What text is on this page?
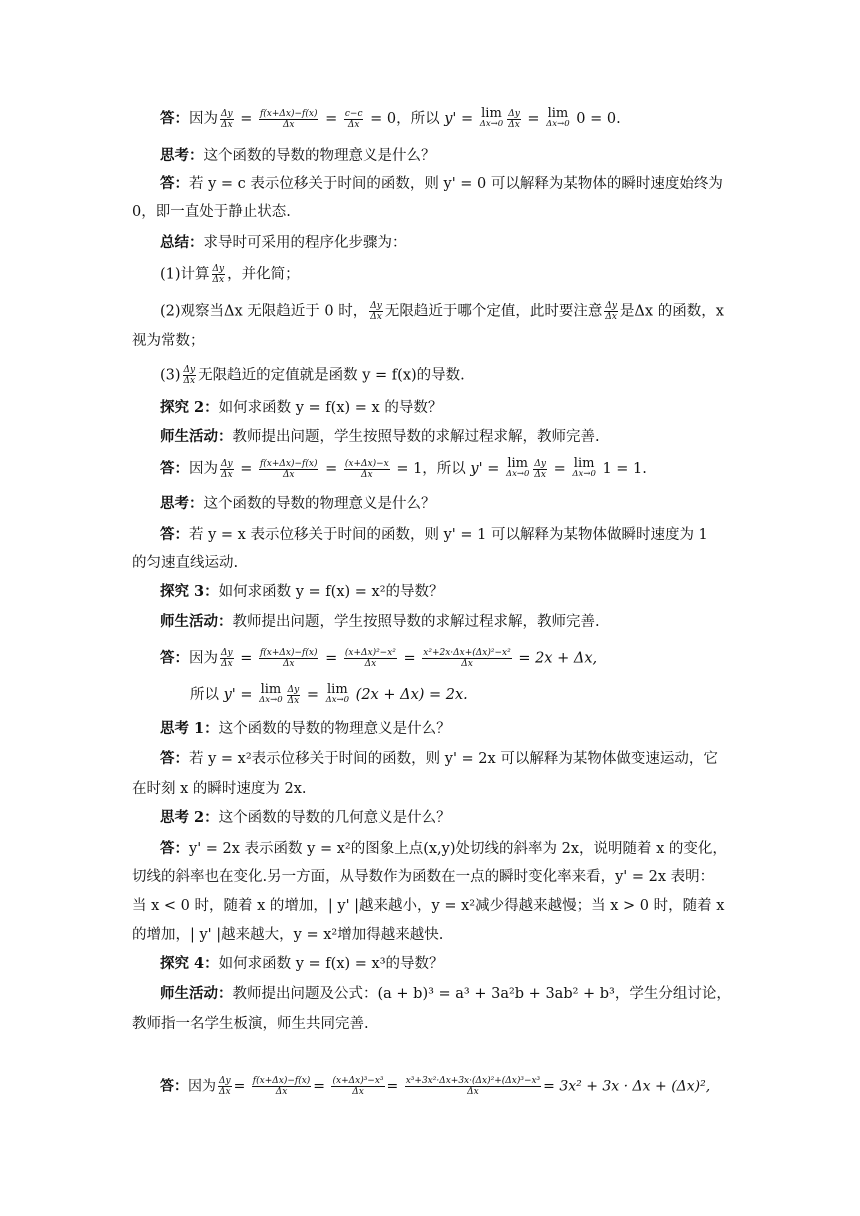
答：因为 $\frac{\Delta y}{\Delta x} = \frac{f(x+\Delta x)-f(x)}{\Delta x} = \frac{c-c}{\Delta x} = 0$，所以 y' = lim
$\Delta x\to 0 \frac{\Delta y}{\Delta x} = \lim$
Δx→0 0 = 0.
思考：这个函数的导数的物理意义是什么？
答：若 y = c 表示位移关于时间的函数，则 y' = 0 可以解释为某物体的瞬时速度始终为
0，即一直处于静止状态.
总结：求导时可采用的程序化步骤为：
(1)计算 $\frac{\Delta y}{\Delta x}$ ，并化简；
(2)观察当Δx 无限趋近于 0 时， $\frac{\Delta y}{\Delta x}$ 无限趋近于哪个定值，此时要注意 $\frac{\Delta y}{\Delta x}$ 是Δx 的函数，x
视为常数；
$(3) \frac{\Delta y}{\Delta x}$ 无限趋近的定值就是函数 y = f(x)的导数.
探究 2：如何求函数 y = f(x) = x 的导数？
师生活动：教师提出问题，学生按照导数的求解过程求解，教师完善.
答：因为 $\frac{\Delta y}{\Delta x} = \frac{f(x+\Delta x)-f(x)}{\Delta x} = \frac{(x+\Delta x)-x}{\Delta x} = 1$，所以 y' = lim
$\Delta x\to 0 \frac{\Delta y}{\Delta x} = \lim$
Δx→0 1 = 1.
思考：这个函数的导数的物理意义是什么？
答：若 y = x 表示位移关于时间的函数，则 y' = 1 可以解释为某物体做瞬时速度为 1
的匀速直线运动.
探究 3：如何求函数 y = f(x) = x²的导数？
师生活动：教师提出问题，学生按照导数的求解过程求解，教师完善.
答：因为 $\frac{\Delta y}{\Delta x} = \frac{f(x+\Delta x)-f(x)}{\Delta x} = \frac{\text{(x+Δx)²−x²}}{\Delta x} = \frac{\text{x²+2x·Δx+(Δx)²−x²}}{\Delta x} = 2x + \Delta x$,
所以 y' = lim
$\Delta x\to 0 \frac{\Delta y}{\Delta x} = \lim$
Δx→0 (2x + Δx) = 2x.
思考 1：这个函数的导数的物理意义是什么？
答：若 y = x²表示位移关于时间的函数，则 y' = 2x 可以解释为某物体做变速运动，它
在时刻 x 的瞬时速度为 2x.
思考 2：这个函数的导数的几何意义是什么？
答：y' = 2x 表示函数 y = x²的图象上点(x,y)处切线的斜率为 2x，说明随着 x 的变化，
切线的斜率也在变化.另一方面，从导数作为函数在一点的瞬时变化率来看，y' = 2x 表明：
当 x < 0 时，随着 x 的增加，| y' |越来越小，y = x²减少得越来越慢；当 x > 0 时，随着 x
的增加，| y' |越来越大，y = x²增加得越来越快.
探究 4：如何求函数 y = f(x) = x³的导数？
师生活动：教师提出问题及公式：(a + b)³ = a³ + 3a²b + 3ab² + b³，学生分组讨论，
教师指一名学生板演，师生共同完善.
答：因为 $\frac{\Delta y}{\Delta x} = \frac{f(x+\Delta x)-f(x)}{\Delta x} = \frac{\text{(x+Δx)³−x³}}{\Delta x} = \frac{\text{x³+3x²·Δx+3x·(Δx)²+(Δx)³−x³}}{\Delta x} = 3x^2 + 3x \cdot \Delta x + (\Delta x)^2$,
